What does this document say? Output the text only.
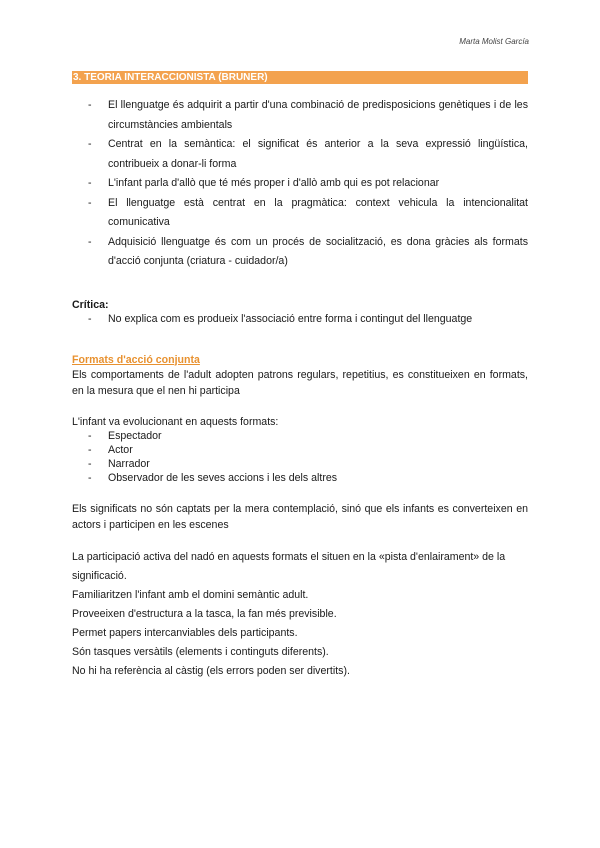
Marta Molist García
3. TEORIA INTERACCIONISTA (BRUNER)
- El llenguatge és adquirit a partir d'una combinació de predisposicions genètiques i de les circumstàncies ambientals
- Centrat en la semàntica: el significat és anterior a la seva expressió lingüística, contribueix a donar-li forma
- L'infant parla d'allò que té més proper i d'allò amb qui es pot relacionar
- El llenguatge està centrat en la pragmàtica: context vehicula la intencionalitat comunicativa
- Adquisició llenguatge és com un procés de socialització, es dona gràcies als formats d'acció conjunta (criatura - cuidador/a)
Crítica:
- No explica com es produeix l'associació entre forma i contingut del llenguatge
Formats d'acció conjunta

Els comportaments de l'adult adopten patrons regulars, repetitius, es constitueixen en formats, en la mesura que el nen hi participa

L'infant va evolucionant en aquests formats:

- Espectador
- Actor
- Narrador
- Observador de les seves accions i les dels altres

Els significats no són captats per la mera contemplació, sinó que els infants es converteixen en actors i participen en les escenes

La participació activa del nadó en aquests formats el situen en la «pista d'enlairament» de la significació.

Familiaritzen l'infant amb el domini semàntic adult.

Proveeixen d'estructura a la tasca, la fan més previsible.

Permet papers intercanviables dels participants.

Són tasques versàtils (elements i continguts diferents).

No hi ha referència al càstig (els errors poden ser divertits).
